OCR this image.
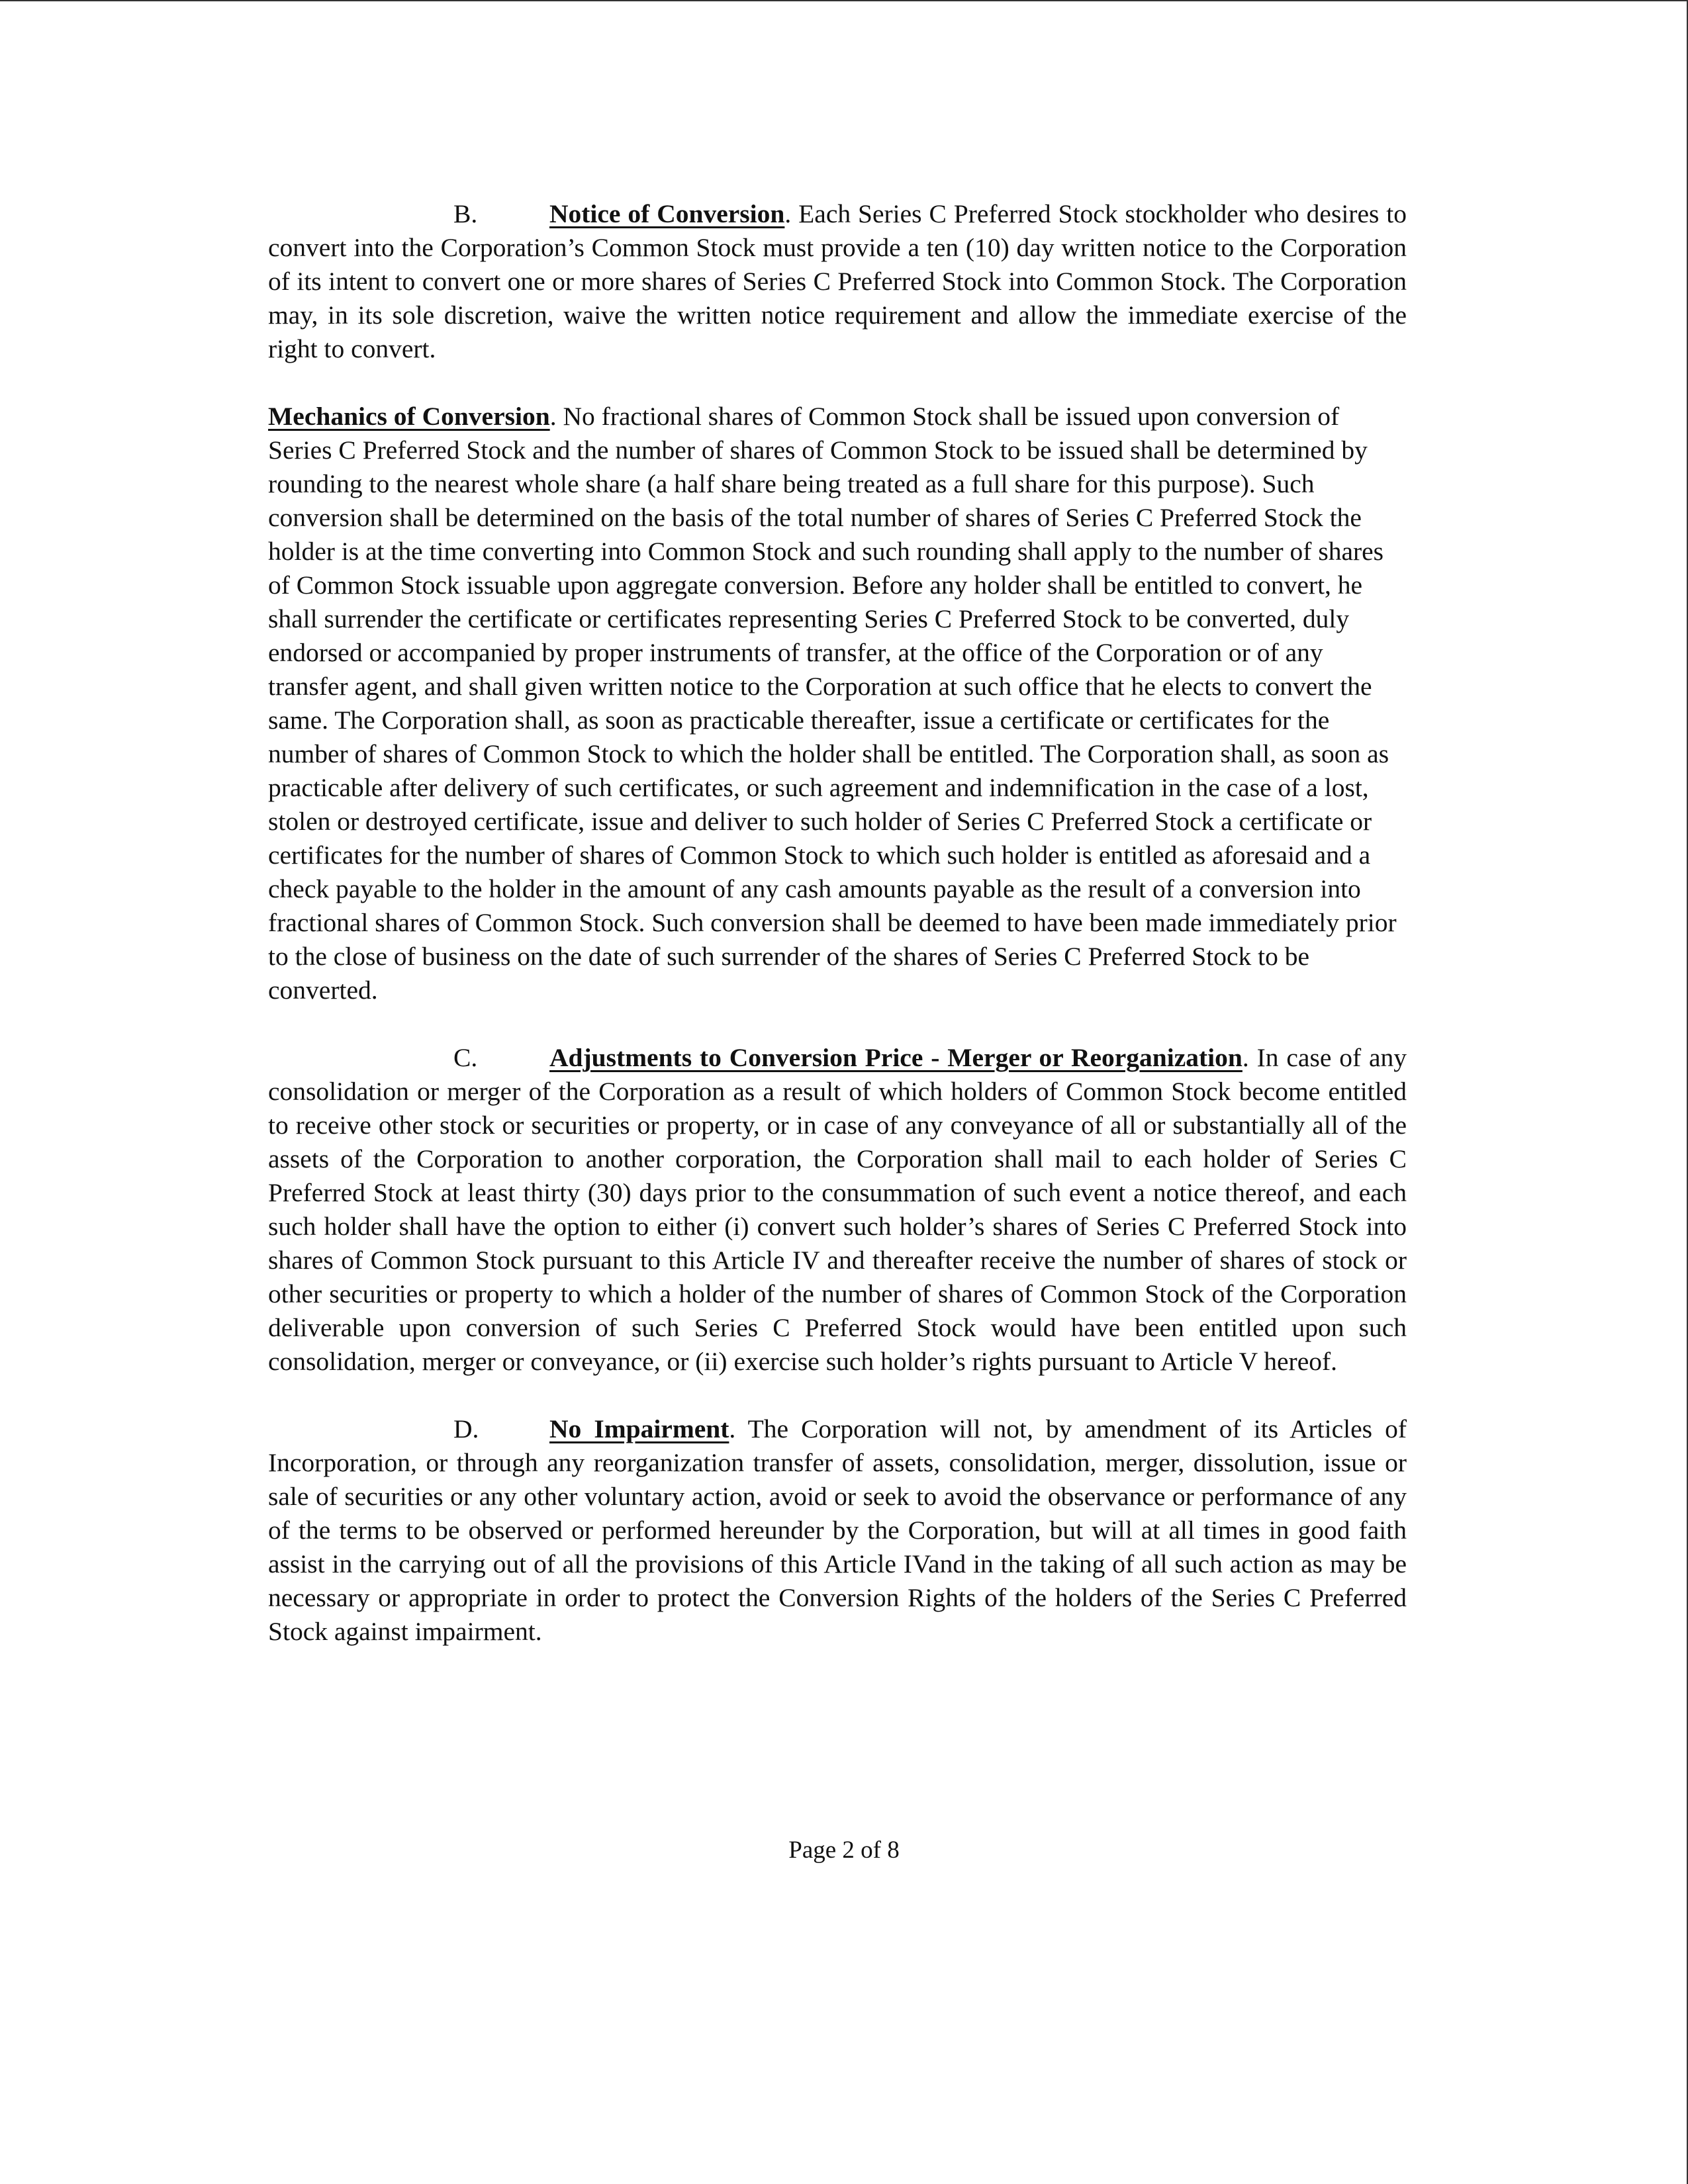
B.	Notice of Conversion. Each Series C Preferred Stock stockholder who desires to convert into the Corporation’s Common Stock must provide a ten (10) day written notice to the Corporation of its intent to convert one or more shares of Series C Preferred Stock into Common Stock. The Corporation may, in its sole discretion, waive the written notice requirement and allow the immediate exercise of the right to convert.

Mechanics of Conversion. No fractional shares of Common Stock shall be issued upon conversion of Series C Preferred Stock and the number of shares of Common Stock to be issued shall be determined by rounding to the nearest whole share (a half share being treated as a full share for this purpose). Such conversion shall be determined on the basis of the total number of shares of Series C Preferred Stock the holder is at the time converting into Common Stock and such rounding shall apply to the number of shares of Common Stock issuable upon aggregate conversion. Before any holder shall be entitled to convert, he shall surrender the certificate or certificates representing Series C Preferred Stock to be converted, duly endorsed or accompanied by proper instruments of transfer, at the office of the Corporation or of any transfer agent, and shall given written notice to the Corporation at such office that he elects to convert the same. The Corporation shall, as soon as practicable thereafter, issue a certificate or certificates for the number of shares of Common Stock to which the holder shall be entitled. The Corporation shall, as soon as practicable after delivery of such certificates, or such agreement and indemnification in the case of a lost, stolen or destroyed certificate, issue and deliver to such holder of Series C Preferred Stock a certificate or certificates for the number of shares of Common Stock to which such holder is entitled as aforesaid and a check payable to the holder in the amount of any cash amounts payable as the result of a conversion into fractional shares of Common Stock. Such conversion shall be deemed to have been made immediately prior to the close of business on the date of such surrender of the shares of Series C Preferred Stock to be converted.

C.	Adjustments to Conversion Price - Merger or Reorganization. In case of any consolidation or merger of the Corporation as a result of which holders of Common Stock become entitled to receive other stock or securities or property, or in case of any conveyance of all or substantially all of the assets of the Corporation to another corporation, the Corporation shall mail to each holder of Series C Preferred Stock at least thirty (30) days prior to the consummation of such event a notice thereof, and each such holder shall have the option to either (i) convert such holder’s shares of Series C Preferred Stock into shares of Common Stock pursuant to this Article IV and thereafter receive the number of shares of stock or other securities or property to which a holder of the number of shares of Common Stock of the Corporation deliverable upon conversion of such Series C Preferred Stock would have been entitled upon such consolidation, merger or conveyance, or (ii) exercise such holder’s rights pursuant to Article V hereof.

D.	No Impairment. The Corporation will not, by amendment of its Articles of Incorporation, or through any reorganization transfer of assets, consolidation, merger, dissolution, issue or sale of securities or any other voluntary action, avoid or seek to avoid the observance or performance of any of the terms to be observed or performed hereunder by the Corporation, but will at all times in good faith assist in the carrying out of all the provisions of this Article IVand in the taking of all such action as may be necessary or appropriate in order to protect the Conversion Rights of the holders of the Series C Preferred Stock against impairment.

Page 2 of 8
